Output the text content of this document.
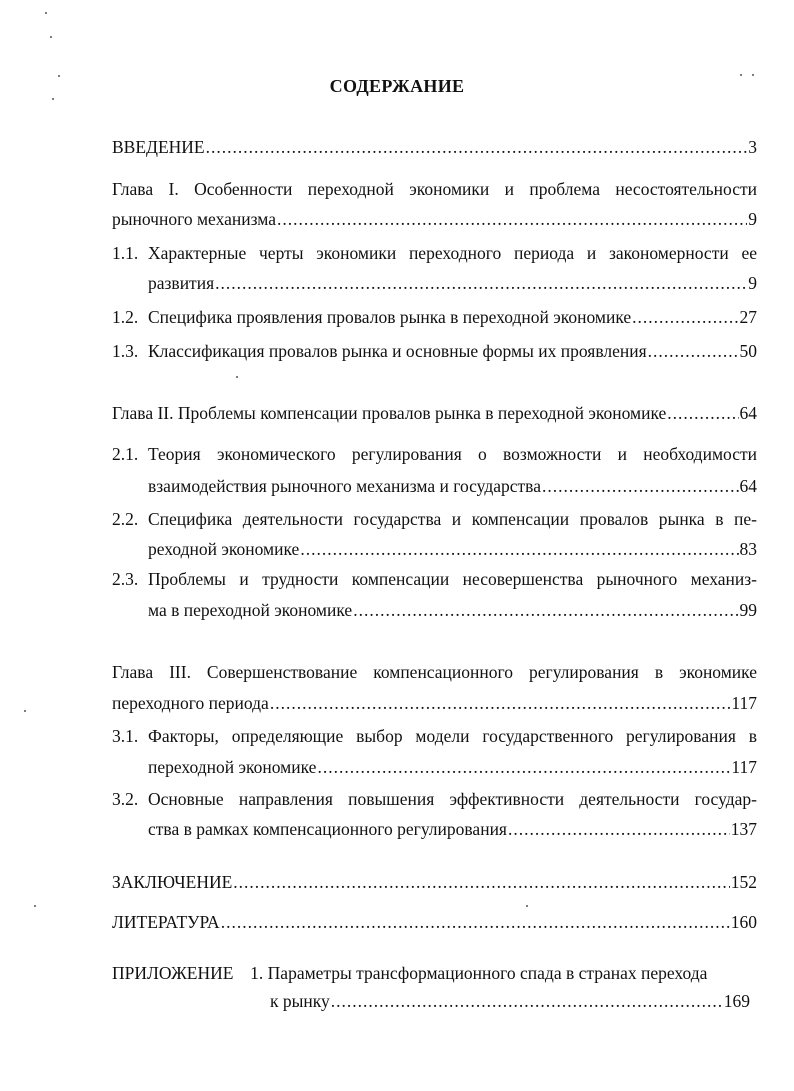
СОДЕРЖАНИЕ
ВВЕДЕНИЕ .....	3
Глава I. Особенности переходной экономики и проблема несостоятельности
рыночного механизма .....	9
1.1. Характерные черты экономики переходного периода и закономерности ее
развития .....	9
1.2. Специфика проявления провалов рынка в переходной экономике .....	27
1.3. Классификация провалов рынка и основные формы их проявления .....	50
Глава II. Проблемы компенсации провалов рынка в переходной экономике .....	64
2.1. Теория экономического регулирования о возможности и необходимости
взаимодействия рыночного механизма и государства .....	64
2.2. Специфика деятельности государства и компенсации провалов рынка в пе-
реходной экономике .....	83
2.3. Проблемы и трудности компенсации несовершенства рыночного механиз-
ма в переходной экономике .....	99
Глава III. Совершенствование компенсационного регулирования в экономике
переходного периода .....	117
3.1. Факторы, определяющие выбор модели государственного регулирования в
переходной экономике .....	117
3.2. Основные направления повышения эффективности деятельности государ-
ства в рамках компенсационного регулирования .....	137
ЗАКЛЮЧЕНИЕ .....	152
ЛИТЕРАТУРА .....	160
ПРИЛОЖЕНИЕ 1. Параметры трансформационного спада в странах перехода
к рынку .....	169
